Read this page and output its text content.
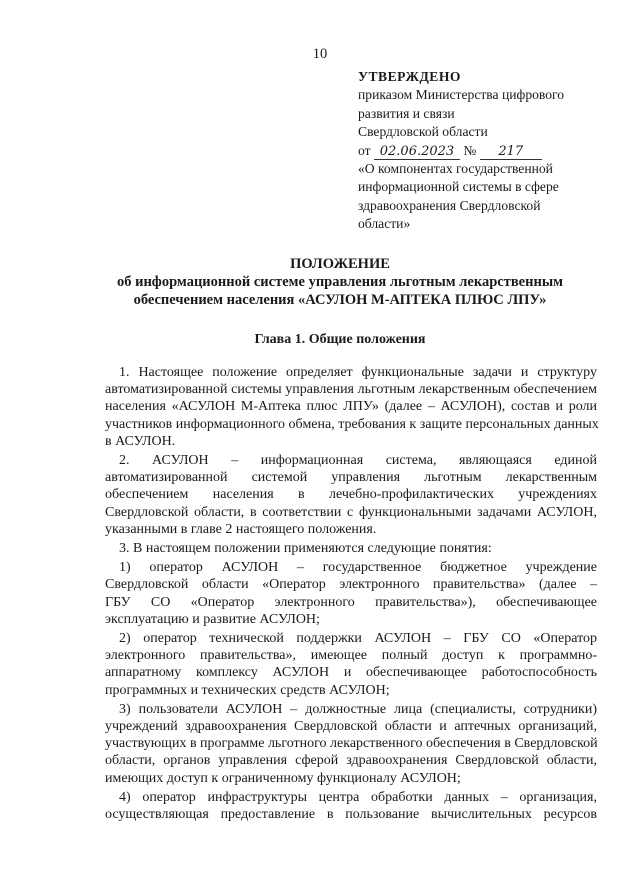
10
УТВЕРЖДЕНО
приказом Министерства цифрового
развития и связи
Свердловской области
от 02.06.2023 № 217
«О компонентах государственной
информационной системы в сфере
здравоохранения Свердловской
области»
ПОЛОЖЕНИЕ
об информационной системе управления льготным лекарственным
обеспечением населения «АСУЛОН М-АПТЕКА ПЛЮС ЛПУ»
Глава 1. Общие положения
1. Настоящее положение определяет функциональные задачи и структуру
автоматизированной системы управления льготным лекарственным обеспечением
населения «АСУЛОН М-Аптека плюс ЛПУ» (далее – АСУЛОН), состав и роли
участников информационного обмена, требования к защите персональных данных
в АСУЛОН.
2. АСУЛОН – информационная система, являющаяся единой
автоматизированной системой управления льготным лекарственным
обеспечением населения в лечебно-профилактических учреждениях
Свердловской области, в соответствии с функциональными задачами АСУЛОН,
указанными в главе 2 настоящего положения.
3. В настоящем положении применяются следующие понятия:
1) оператор АСУЛОН – государственное бюджетное учреждение
Свердловской области «Оператор электронного правительства» (далее –
ГБУ СО «Оператор электронного правительства»), обеспечивающее
эксплуатацию и развитие АСУЛОН;
2) оператор технической поддержки АСУЛОН – ГБУ СО «Оператор
электронного правительства», имеющее полный доступ к программно-
аппаратному комплексу АСУЛОН и обеспечивающее работоспособность
программных и технических средств АСУЛОН;
3) пользователи АСУЛОН – должностные лица (специалисты, сотрудники)
учреждений здравоохранения Свердловской области и аптечных организаций,
участвующих в программе льготного лекарственного обеспечения в Свердловской
области, органов управления сферой здравоохранения Свердловской области,
имеющих доступ к ограниченному функционалу АСУЛОН;
4) оператор инфраструктуры центра обработки данных – организация,
осуществляющая предоставление в пользование вычислительных ресурсов
